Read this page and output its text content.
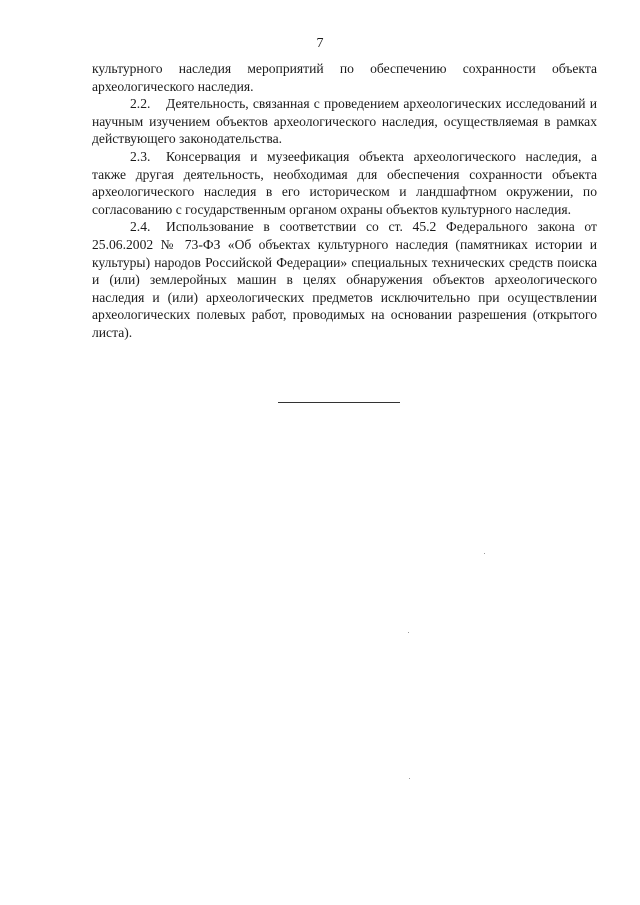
7

культурного наследия мероприятий по обеспечению сохранности объекта археологического наследия.

2.2. Деятельность, связанная с проведением археологических исследований и научным изучением объектов археологического наследия, осуществляемая в рамках действующего законодательства.

2.3. Консервация и музеефикация объекта археологического наследия, а также другая деятельность, необходимая для обеспечения сохранности объекта археологического наследия в его историческом и ландшафтном окружении, по согласованию с государственным органом охраны объектов культурного наследия.

2.4. Использование в соответствии со ст. 45.2 Федерального закона от 25.06.2002 № 73-ФЗ «Об объектах культурного наследия (памятниках истории и культуры) народов Российской Федерации» специальных технических средств поиска и (или) землеройных машин в целях обнаружения объектов археологического наследия и (или) археологических предметов исключительно при осуществлении археологических полевых работ, проводимых на основании разрешения (открытого листа).
